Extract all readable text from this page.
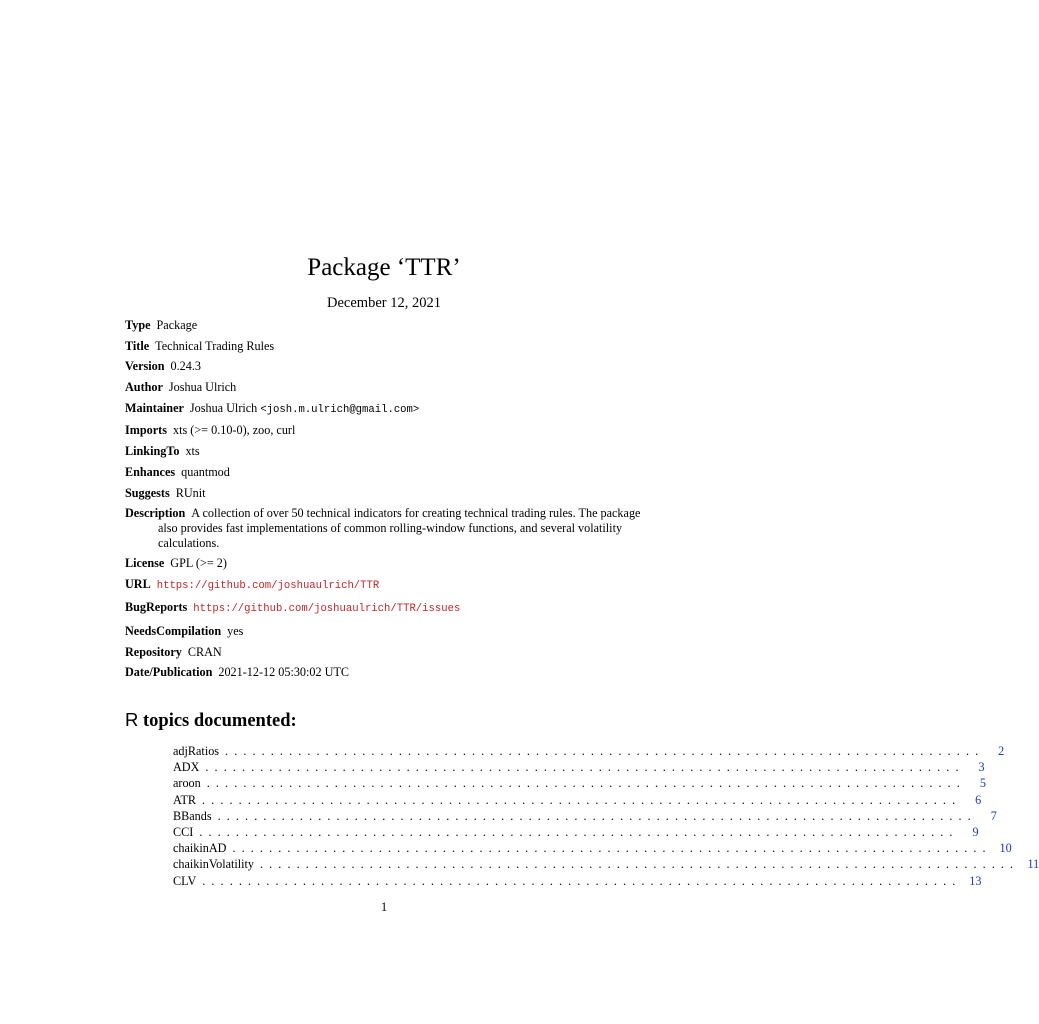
Package ‘TTR’
December 12, 2021
Type Package
Title Technical Trading Rules
Version 0.24.3
Author Joshua Ulrich
Maintainer Joshua Ulrich <josh.m.ulrich@gmail.com>
Imports xts (>= 0.10-0), zoo, curl
LinkingTo xts
Enhances quantmod
Suggests RUnit
Description A collection of over 50 technical indicators for creating technical trading rules. The package also provides fast implementations of common rolling-window functions, and several volatility calculations.
License GPL (>= 2)
URL https://github.com/joshuaulrich/TTR
BugReports https://github.com/joshuaulrich/TTR/issues
NeedsCompilation yes
Repository CRAN
Date/Publication 2021-12-12 05:30:02 UTC
R topics documented:
adjRatios ...................................................................................	2
ADX ...................................................................................	3
aroon ...................................................................................	5
ATR ...................................................................................	6
BBands ...................................................................................	7
CCI ...................................................................................	9
chaikinAD ................................................................................... 10
chaikinVolatility ................................................................................... 11
CLV ................................................................................... 13
1
